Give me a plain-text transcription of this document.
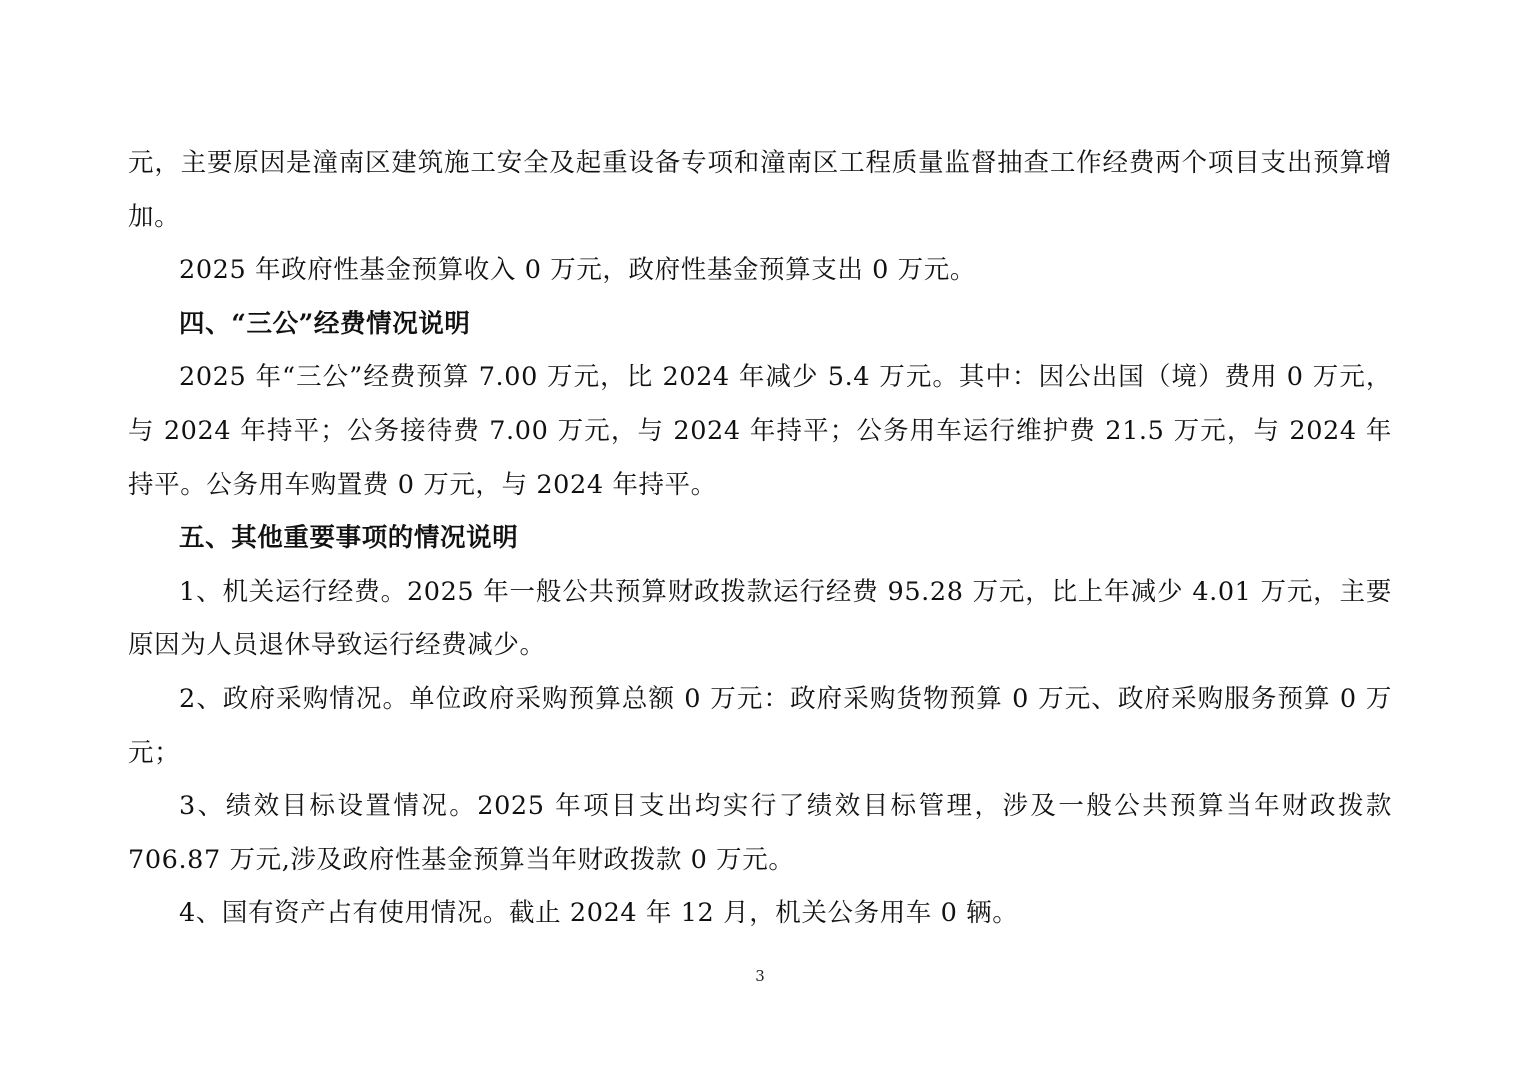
元，主要原因是潼南区建筑施工安全及起重设备专项和潼南区工程质量监督抽查工作经费两个项目支出预算增加。

2025 年政府性基金预算收入 0 万元，政府性基金预算支出 0 万元。

四、“三公”经费情况说明

2025 年“三公”经费预算 7.00 万元，比 2024 年减少 5.4 万元。其中：因公出国（境）费用 0 万元，与 2024 年持平；公务接待费 7.00 万元，与 2024 年持平；公务用车运行维护费 21.5 万元，与 2024 年持平。公务用车购置费 0 万元，与 2024 年持平。

五、其他重要事项的情况说明

1、机关运行经费。2025 年一般公共预算财政拨款运行经费 95.28 万元，比上年减少 4.01 万元，主要原因为人员退休导致运行经费减少。

2、政府采购情况。单位政府采购预算总额 0 万元：政府采购货物预算 0 万元、政府采购服务预算 0 万元；

3、绩效目标设置情况。2025 年项目支出均实行了绩效目标管理，涉及一般公共预算当年财政拨款 706.87 万元,涉及政府性基金预算当年财政拨款 0 万元。

4、国有资产占有使用情况。截止 2024 年 12 月，机关公务用车 0 辆。

3
